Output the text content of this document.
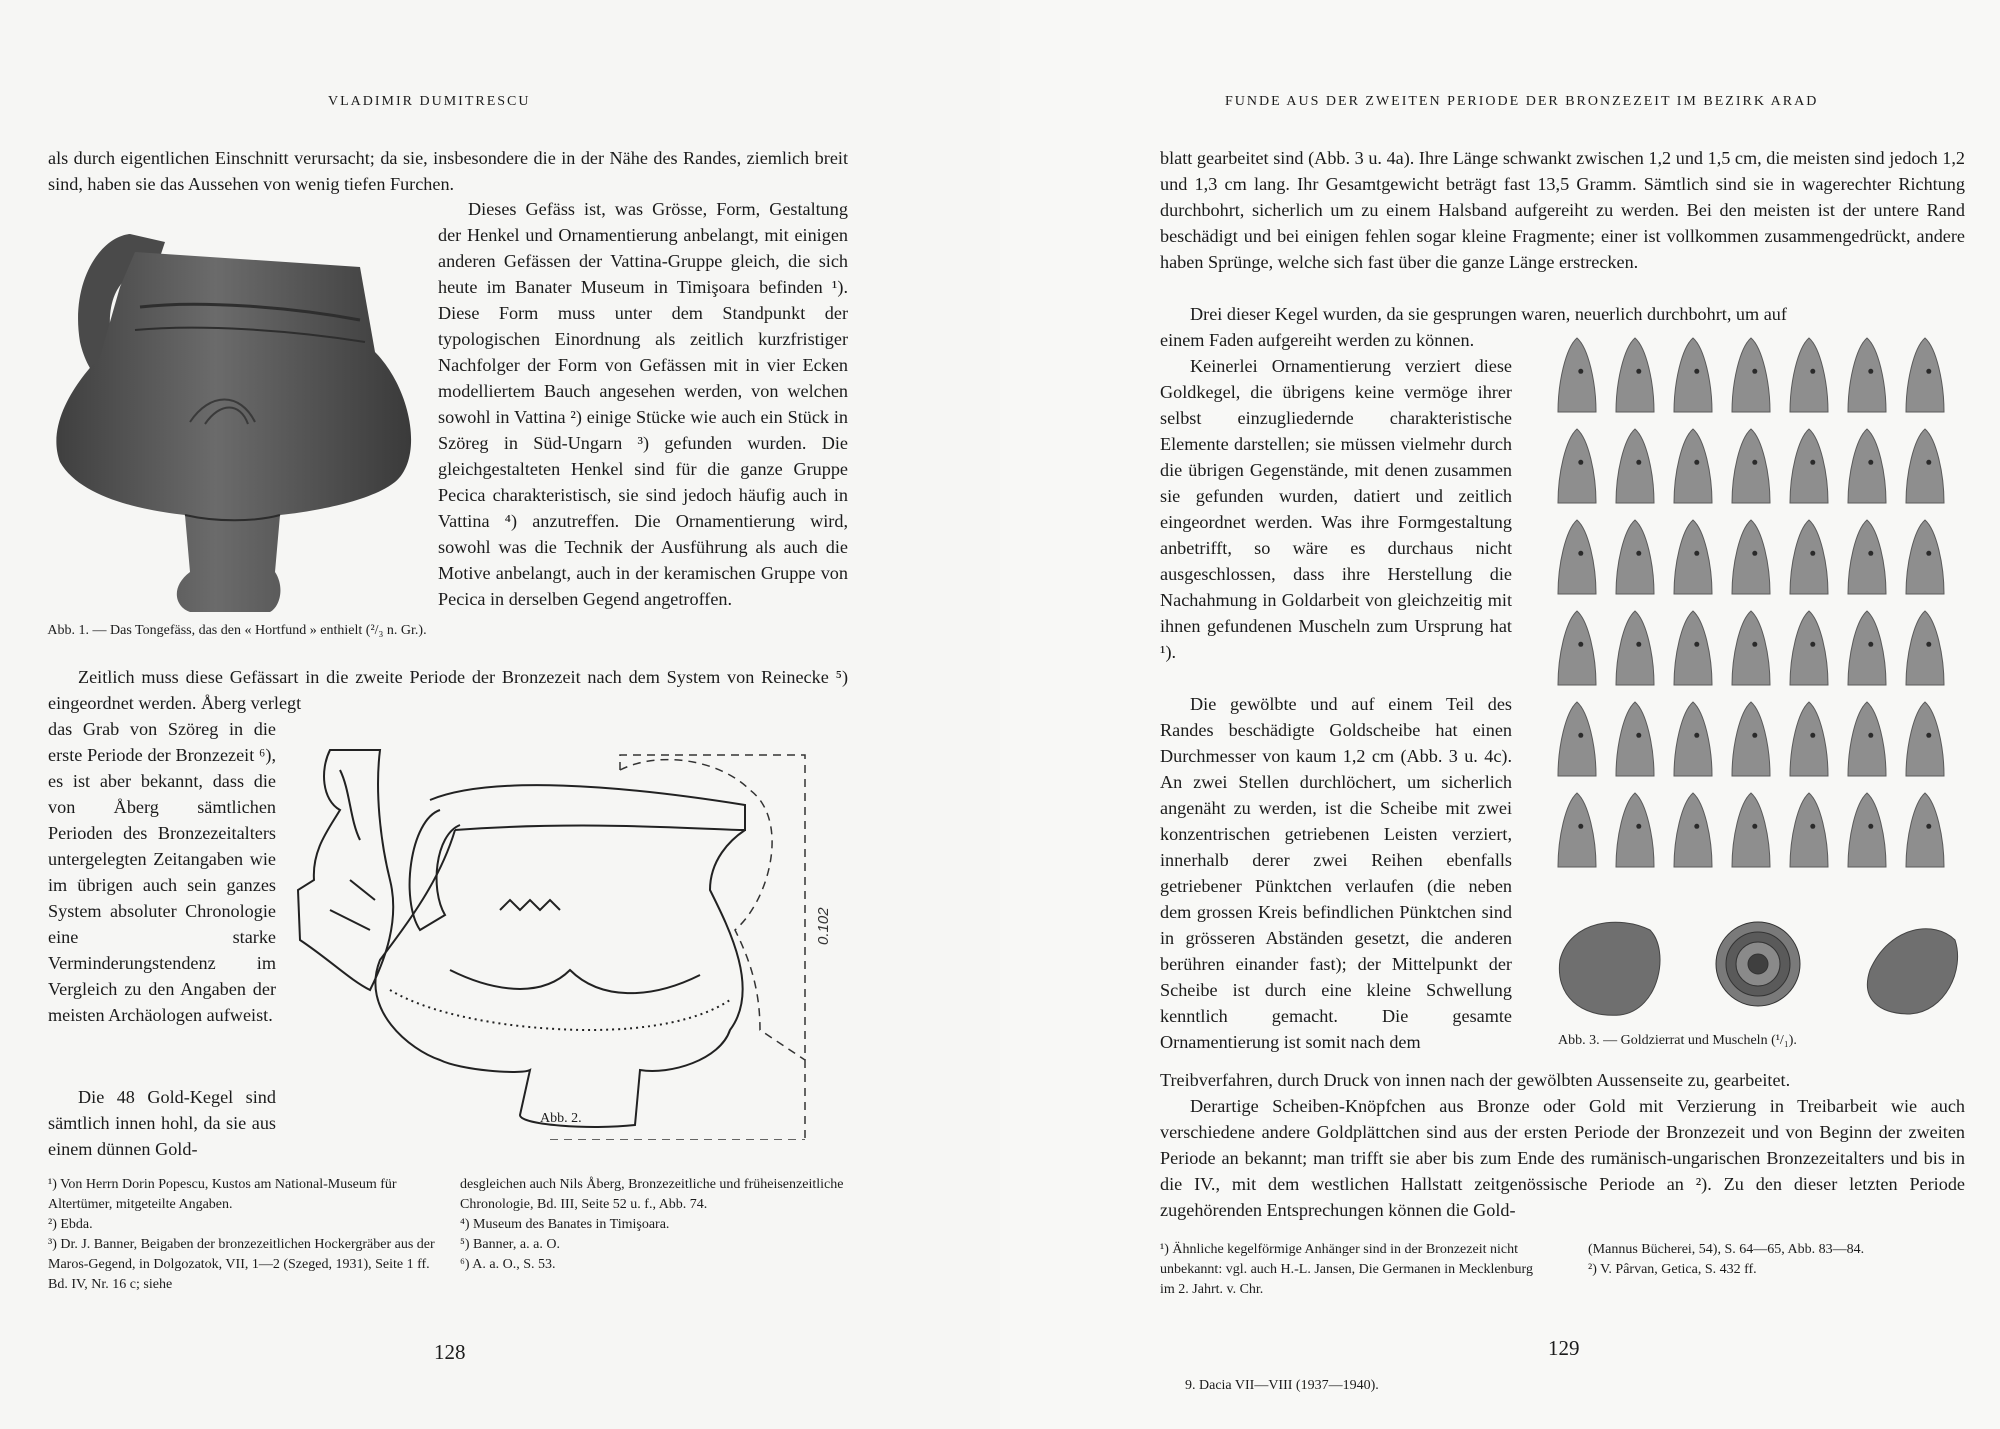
VLADIMIR DUMITRESCU
als durch eigentlichen Einschnitt verursacht; da sie, insbesondere die in der Nähe des Randes, ziemlich breit sind, haben sie das Aussehen von wenig tiefen Furchen.
Abb. 1. — Das Tongefäss, das den « Hortfund » enthielt (²/₃ n. Gr.).
Dieses Gefäss ist, was Grösse, Form, Gestaltung der Henkel und Ornamentierung anbelangt, mit einigen anderen Gefässen der Vattina-Gruppe gleich, die sich heute im Banater Museum in Timişoara befinden ¹). Diese Form muss unter dem Standpunkt der typologischen Einordnung als zeitlich kurzfristiger Nachfolger der Form von Gefässen mit in vier Ecken modelliertem Bauch angesehen werden, von welchen sowohl in Vattina ²) einige Stücke wie auch ein Stück in Szöreg in Süd-Ungarn ³) gefunden wurden. Die gleichgestalteten Henkel sind für die ganze Gruppe Pecica charakteristisch, sie sind jedoch häufig auch in Vattina ⁴) anzutreffen. Die Ornamentierung wird, sowohl was die Technik der Ausführung als auch die Motive anbelangt, auch in der keramischen Gruppe von Pecica in derselben Gegend angetroffen.
Zeitlich muss diese Gefässart in die zweite Periode der Bronzezeit nach dem System von Reinecke ⁵) eingeordnet werden. Åberg verlegt
das Grab von Szöreg in die erste Periode der Bronzezeit ⁶), es ist aber bekannt, dass die von Åberg sämtlichen Perioden des Bronzezeitalters untergelegten Zeitangaben wie im übrigen auch sein ganzes System absoluter Chronologie eine starke Verminderungstendenz im Vergleich zu den Angaben der meisten Archäologen aufweist.
Die 48 Gold-Kegel sind sämtlich innen hohl, da sie aus einem dünnen Gold-
0.102
Abb. 2.

¹) Von Herrn Dorin Popescu, Kustos am National-Museum für Altertümer, mitgeteilte Angaben.

²) Ebda.

³) Dr. J. Banner, Beigaben der bronzezeitlichen Hockergräber aus der Maros-Gegend, in Dolgozatok, VII, 1—2 (Szeged, 1931), Seite 1 ff. Bd. IV, Nr. 16 c; siehe

desgleichen auch Nils Åberg, Bronzezeitliche und früheisenzeitliche Chronologie, Bd. III, Seite 52 u. f., Abb. 74.

⁴) Museum des Banates in Timişoara.

⁵) Banner, a. a. O.

⁶) A. a. O., S. 53.

128
FUNDE AUS DER ZWEITEN PERIODE DER BRONZEZEIT IM BEZIRK ARAD
blatt gearbeitet sind (Abb. 3 u. 4a). Ihre Länge schwankt zwischen 1,2 und 1,5 cm, die meisten sind jedoch 1,2 und 1,3 cm lang. Ihr Gesamtgewicht beträgt fast 13,5 Gramm. Sämtlich sind sie in wagerechter Richtung durchbohrt, sicherlich um zu einem Halsband aufgereiht zu werden. Bei den meisten ist der untere Rand beschädigt und bei einigen fehlen sogar kleine Fragmente; einer ist vollkommen zusammengedrückt, andere haben Sprünge, welche sich fast über die ganze Länge erstrecken.
Drei dieser Kegel wurden, da sie gesprungen waren, neuerlich durchbohrt, um auf
einem Faden aufgereiht werden zu können.
Keinerlei Ornamentierung verziert diese Goldkegel, die übrigens keine vermöge ihrer selbst einzugliedernde charakteristische Elemente darstellen; sie müssen vielmehr durch die übrigen Gegenstände, mit denen zusammen sie gefunden wurden, datiert und zeitlich eingeordnet werden. Was ihre Formgestaltung anbetrifft, so wäre es durchaus nicht ausgeschlossen, dass ihre Herstellung die Nachahmung in Goldarbeit von gleichzeitig mit ihnen gefundenen Muscheln zum Ursprung hat ¹).
Die gewölbte und auf einem Teil des Randes beschädigte Goldscheibe hat einen Durchmesser von kaum 1,2 cm (Abb. 3 u. 4c). An zwei Stellen durchlöchert, um sicherlich angenäht zu werden, ist die Scheibe mit zwei konzentrischen getriebenen Leisten verziert, innerhalb derer zwei Reihen ebenfalls getriebener Pünktchen verlaufen (die neben dem grossen Kreis befindlichen Pünktchen sind in grösseren Abständen gesetzt, die anderen berühren einander fast); der Mittelpunkt der Scheibe ist durch eine kleine Schwellung kenntlich gemacht. Die gesamte Ornamentierung ist somit nach dem
Treibverfahren, durch Druck von innen nach der gewölbten Aussenseite zu, gearbeitet.
Derartige Scheiben-Knöpfchen aus Bronze oder Gold mit Verzierung in Treibarbeit wie auch verschiedene andere Goldplättchen sind aus der ersten Periode der Bronzezeit und von Beginn der zweiten Periode an bekannt; man trifft sie aber bis zum Ende des rumänisch-ungarischen Bronzezeitalters und bis in die IV., mit dem westlichen Hallstatt zeitgenössische Periode an ²). Zu den dieser letzten Periode zugehörenden Entsprechungen können die Gold-
Abb. 3. — Goldzierrat und Muscheln (¹/₁).

¹) Ähnliche kegelförmige Anhänger sind in der Bronzezeit nicht unbekannt: vgl. auch H.-L. Jansen, Die Germanen in Mecklenburg im 2. Jahrt. v. Chr.

(Mannus Bücherei, 54), S. 64—65, Abb. 83—84.

²) V. Pârvan, Getica, S. 432 ff.

129
9. Dacia VII—VIII (1937—1940).
